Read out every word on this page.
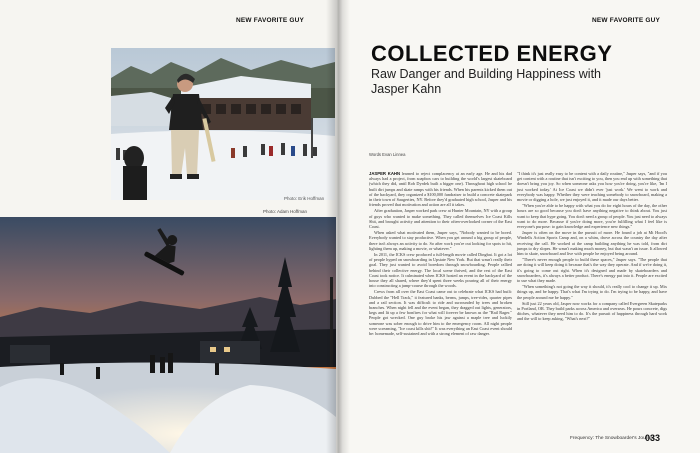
NEW FAVORITE GUY
Photo: Erik Hoffman
Photo: Adam Hoffman
NEW FAVORITE GUY
COLLECTED ENERGY

Raw Danger and Building Happiness with Jasper Kahn

Words Evan Linnea

JASPER KAHN learned to reject complacency at an early age. He and his dad always had a project, from soapbox cars to building the world's largest skateboard (which they did, until Rob Dyrdek built a bigger one). Throughout high school he built dirt jumps and skate ramps with his friends. When his parents kicked them out of the backyard, they organized a $100,000 fundraiser to build a concrete skatepark in their town of Saugerties, NY. Before they'd graduated high school, Jasper and his friends proved that motivation and action are all it takes.

After graduation, Jasper worked park crew at Hunter Mountain, NY with a group of guys who wanted to make something. They called themselves Ice Coast Kills Shit, and brought activity and attention to their often-overlooked corner of the East Coast.

When asked what motivated them, Jasper says, "Nobody wanted to be bored. Everybody wanted to stay productive. When you get around a big group of people, there isn't always an activity to do. So after work you're out looking for spots to hit, lighting them up, making a movie, or whatever."

In 2011, the ICKS crew produced a full-length movie called Dingbat. It got a lot of people hyped on snowboarding in Upstate New York. But that wasn't really their goal. They just wanted to avoid boredom through snowboarding. People rallied behind their collective energy. The local scene thrived, and the rest of the East Coast took notice. It culminated when ICKS hosted an event in the backyard of the house they all shared, where they'd spent three weeks pouring all of their energy into constructing a jump-course through the woods.

Crews from all over the East Coast came out to celebrate what ICKS had built: Dubbed the "Hell Track," it featured banks, berms, jumps, tree-rides, quarter pipes and a rail section. It was difficult to ride and surrounded by trees and broken branches. When night fell and the event began, they dragged out lights, generators, kegs and lit up a few bonfires for what will forever be known as the "Rail Rager." People got wrecked. One guy broke his jaw against a maple tree and luckily someone was sober enough to drive him to the emergency room. All night people were screaming, "Ice coast kills shit!" It was everything an East Coast event should be: homemade, self-sustained and with a strong element of raw danger.

"I think it's just really easy to be content with a daily routine," Jasper says, "and if you get content with a routine that isn't exciting to you, then you end up with something that doesn't bring you joy. So when someone asks you how you're doing, you're like, 'Im I just worked today.' At Ice Coast we didn't ever 'just work.' We went to work and everybody was happy. Whether they were teaching somebody to snowboard, making a movie or digging a hole, we just enjoyed it, and it made our days better.

"When you're able to be happy with what you do for eight hours of the day, the other hours are so good because you don't have anything negative to think about. You just want to keep that hype going. You don't need a group of people. You just need to always want to do more. Because if you're doing more, you're fulfilling what I feel like is everyone's purpose: to gain knowledge and experience new things."

Jasper is often on the move in the pursuit of more. He found a job at Mt Hood's Windells Action Sports Camp and, on a whim, drove across the country the day after receiving the call. He worked at the camp building anything he was told, from dirt jumps to dry slopes. He wasn't making much money, but that wasn't an issue. It allowed him to skate, snowboard and live with people he enjoyed being around.

"There's never enough people to build these spaces," Jasper says. "The people that are doing it will keep doing it because that's the way they operate. And if we're doing it, it's going to come out right. When it's designed and made by skateboarders and snowboarders, it's always a better product. There's energy put into it. People are excited to use what they made.

"When something's not going the way it should, it's really cool to change it up. Mix things up, and be happy. That's what I'm trying to do. I'm trying to be happy, and have the people around me be happy."

Still just 22 years old, Jasper now works for a company called Evergreen Skateparks in Portland, OR. They build parks across America and overseas. He pours concrete, digs ditches, whatever they need him to do. It's the pursuit of happiness through hard work and the will to keep asking, "What's next?"

Frequency: The Snowboarder's Journal
033
